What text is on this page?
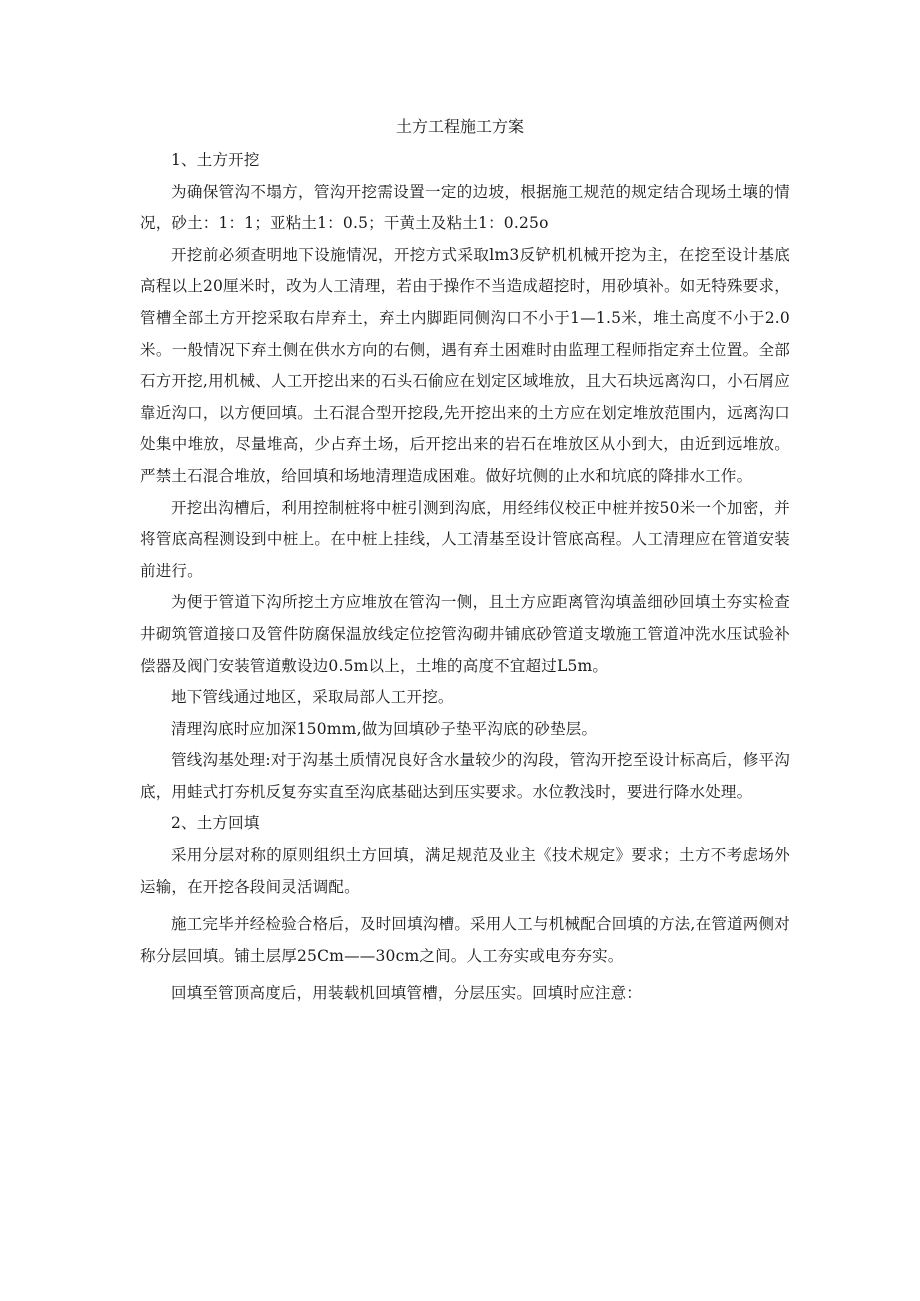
土方工程施工方案

1、土方开挖

为确保管沟不塌方，管沟开挖需设置一定的边坡，根据施工规范的规定结合现场土壤的情况，砂土：1：1；亚粘土1：0.5；干黄土及粘土1：0.25o

开挖前必须查明地下设施情况，开挖方式采取lm3反铲机机械开挖为主，在挖至设计基底高程以上20厘米时，改为人工清理，若由于操作不当造成超挖时，用砂填补。如无特殊要求，管槽全部土方开挖采取右岸弃土，弃土内脚距同侧沟口不小于1—1.5米，堆土高度不小于2.0米。一般情况下弃土侧在供水方向的右侧，遇有弃土困难时由监理工程师指定弃土位置。全部石方开挖,用机械、人工开挖出来的石头石偷应在划定区域堆放，且大石块远离沟口，小石屑应靠近沟口，以方便回填。土石混合型开挖段,先开挖出来的土方应在划定堆放范围内，远离沟口处集中堆放，尽量堆高，少占弃土场，后开挖出来的岩石在堆放区从小到大，由近到远堆放。严禁土石混合堆放，给回填和场地清理造成困难。做好坑侧的止水和坑底的降排水工作。

开挖出沟槽后，利用控制桩将中桩引测到沟底，用经纬仪校正中桩并按50米一个加密，并将管底高程测设到中桩上。在中桩上挂线，人工清基至设计管底高程。人工清理应在管道安装前进行。

为便于管道下沟所挖土方应堆放在管沟一侧，且土方应距离管沟填盖细砂回填土夯实检查井砌筑管道接口及管件防腐保温放线定位挖管沟砌井铺底砂管道支墩施工管道冲洗水压试验补偿器及阀门安装管道敷设边0.5m以上，土堆的高度不宜超过L5m。

地下管线通过地区，采取局部人工开挖。

清理沟底时应加深150mm,做为回填砂子垫平沟底的砂垫层。

管线沟基处理:对于沟基土质情况良好含水量较少的沟段，管沟开挖至设计标高后，修平沟底，用蛙式打夯机反复夯实直至沟底基础达到压实要求。水位教浅时，要进行降水处理。

2、土方回填

采用分层对称的原则组织土方回填，满足规范及业主《技术规定》要求；土方不考虑场外运输，在开挖各段间灵活调配。

施工完毕并经检验合格后，及时回填沟槽。采用人工与机械配合回填的方法,在管道两侧对称分层回填。铺土层厚25Cm——30cm之间。人工夯实或电夯夯实。

回填至管顶高度后，用装载机回填管槽，分层压实。回填时应注意：
